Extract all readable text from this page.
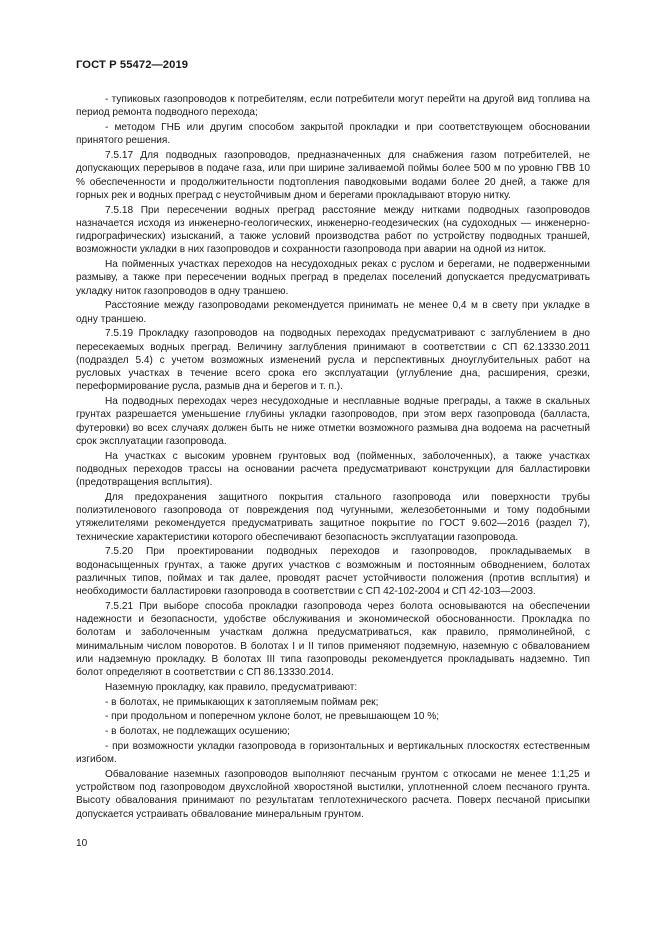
ГОСТ Р 55472—2019

- тупиковых газопроводов к потребителям, если потребители могут перейти на другой вид топлива на период ремонта подводного перехода;

- методом ГНБ или другим способом закрытой прокладки и при соответствующем обосновании принятого решения.

7.5.17 Для подводных газопроводов, предназначенных для снабжения газом потребителей, не допускающих перерывов в подаче газа, или при ширине заливаемой поймы более 500 м по уровню ГВВ 10 % обеспеченности и продолжительности подтопления паводковыми водами более 20 дней, а также для горных рек и водных преград с неустойчивым дном и берегами прокладывают вторую нитку.

7.5.18 При пересечении водных преград расстояние между нитками подводных газопроводов назначается исходя из инженерно-геологических, инженерно-геодезических (на судоходных — инженерно-гидрографических) изысканий, а также условий производства работ по устройству подводных траншей, возможности укладки в них газопроводов и сохранности газопровода при аварии на одной из ниток.

На пойменных участках переходов на несудоходных реках с руслом и берегами, не подверженными размыву, а также при пересечении водных преград в пределах поселений допускается предусматривать укладку ниток газопроводов в одну траншею.

Расстояние между газопроводами рекомендуется принимать не менее 0,4 м в свету при укладке в одну траншею.

7.5.19 Прокладку газопроводов на подводных переходах предусматривают с заглублением в дно пересекаемых водных преград. Величину заглубления принимают в соответствии с СП 62.13330.2011 (подраздел 5.4) с учетом возможных изменений русла и перспективных дноуглубительных работ на русловых участках в течение всего срока его эксплуатации (углубление дна, расширения, срезки, переформирование русла, размыв дна и берегов и т. п.).

На подводных переходах через несудоходные и несплавные водные преграды, а также в скальных грунтах разрешается уменьшение глубины укладки газопроводов, при этом верх газопровода (балласта, футеровки) во всех случаях должен быть не ниже отметки возможного размыва дна водоема на расчетный срок эксплуатации газопровода.

На участках с высоким уровнем грунтовых вод (пойменных, заболоченных), а также участках подводных переходов трассы на основании расчета предусматривают конструкции для балластировки (предотвращения всплытия).

Для предохранения защитного покрытия стального газопровода или поверхности трубы полиэтиленового газопровода от повреждения под чугунными, железобетонными и тому подобными утяжелителями рекомендуется предусматривать защитное покрытие по ГОСТ 9.602—2016 (раздел 7), технические характеристики которого обеспечивают безопасность эксплуатации газопровода.

7.5.20 При проектировании подводных переходов и газопроводов, прокладываемых в водонасыщенных грунтах, а также других участков с возможным и постоянным обводнением, болотах различных типов, поймах и так далее, проводят расчет устойчивости положения (против всплытия) и необходимости балластировки газопровода в соответствии с СП 42-102-2004 и СП 42-103—2003.

7.5.21 При выборе способа прокладки газопровода через болота основываются на обеспечении надежности и безопасности, удобстве обслуживания и экономической обоснованности. Прокладка по болотам и заболоченным участкам должна предусматриваться, как правило, прямолинейной, с минимальным числом поворотов. В болотах I и II типов применяют подземную, наземную с обвалованием или надземную прокладку. В болотах III типа газопроводы рекомендуется прокладывать надземно. Тип болот определяют в соответствии с СП 86.13330.2014.

Наземную прокладку, как правило, предусматривают:

- в болотах, не примыкающих к затопляемым поймам рек;

- при продольном и поперечном уклоне болот, не превышающем 10 %;

- в болотах, не подлежащих осушению;

- при возможности укладки газопровода в горизонтальных и вертикальных плоскостях естественным изгибом.

Обвалование наземных газопроводов выполняют песчаным грунтом с откосами не менее 1:1,25 и устройством под газопроводом двухслойной хворостяной выстилки, уплотненной слоем песчаного грунта. Высоту обвалования принимают по результатам теплотехнического расчета. Поверх песчаной присыпки допускается устраивать обвалование минеральным грунтом.

10
